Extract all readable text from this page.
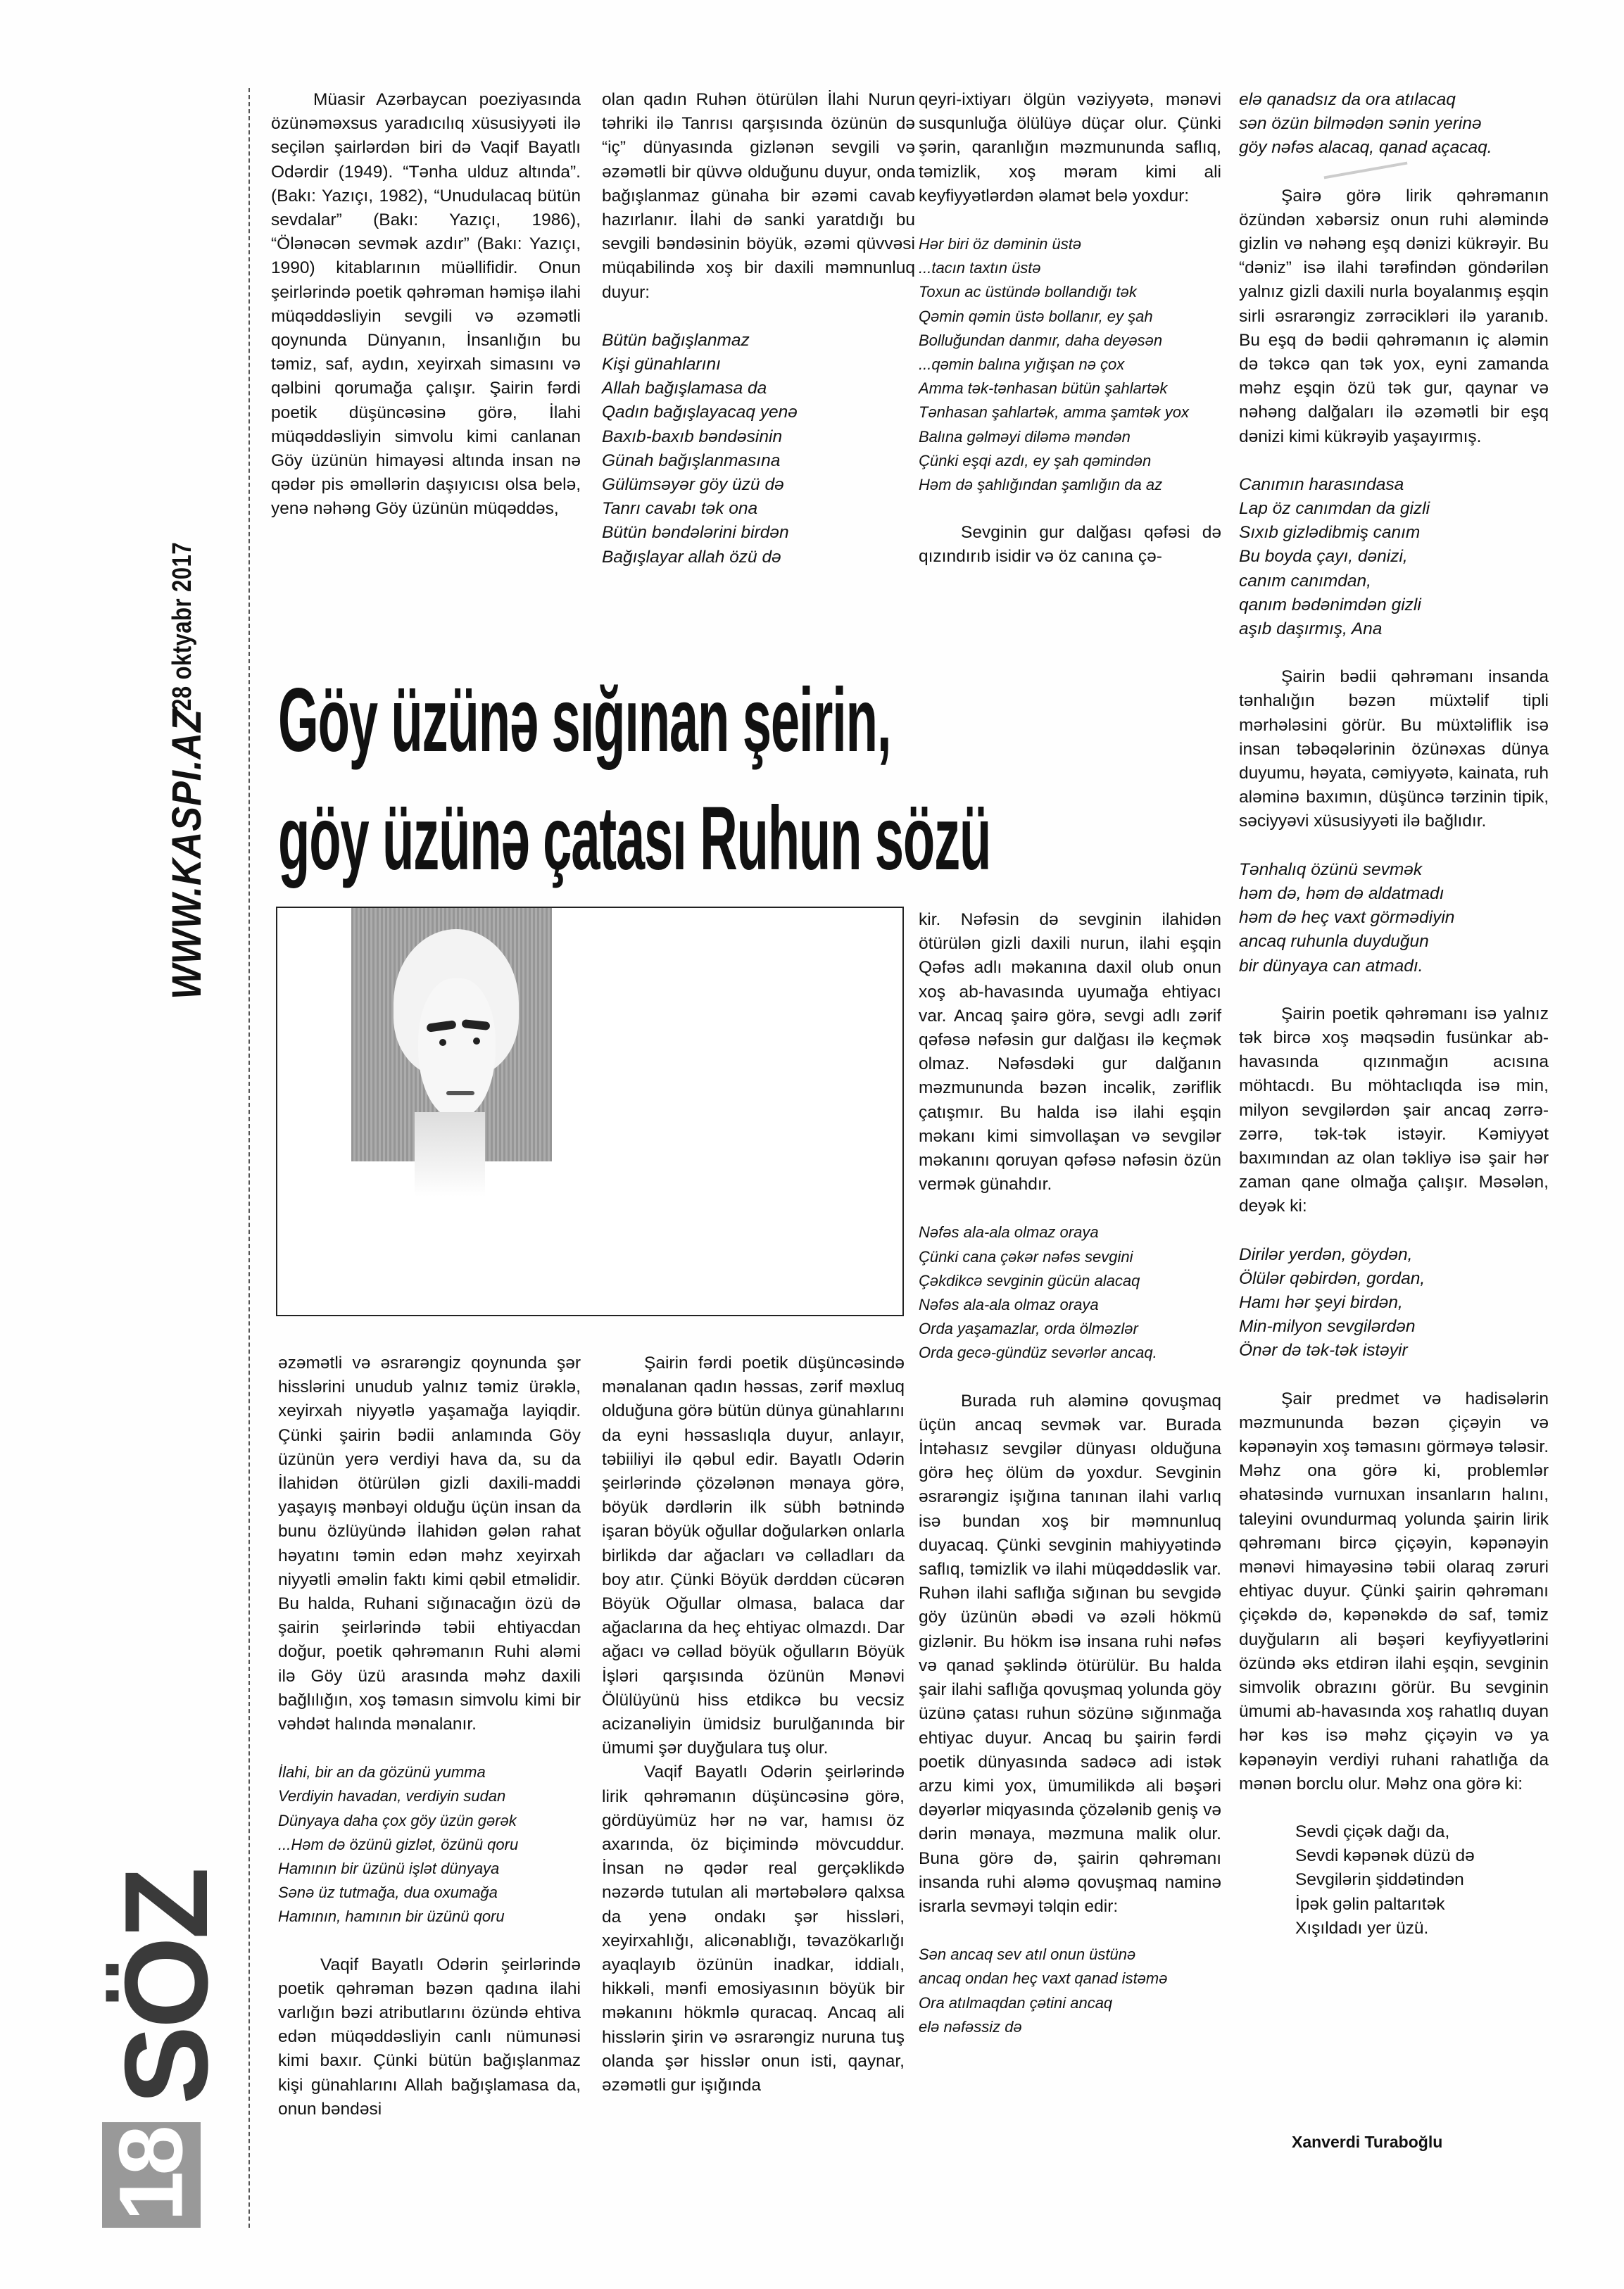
28 oktyabr 2017
WWW.KASPI.AZ
SÖZ
18

Müasir Azərbaycan poeziyasında özünəməxsus yaradıcılıq xüsusiyyəti ilə seçilən şairlərdən biri də Vaqif Bayatlı Odərdir (1949). “Tənha ulduz altında”. (Bakı: Yazıçı, 1982), “Unudulacaq bütün sevdalar” (Bakı: Yazıçı, 1986), “Ölənəcən sevmək azdır” (Bakı: Yazıçı, 1990) kitablarının müəllifidir. Onun şeirlərində poetik qəhrəman həmişə ilahi müqəddəsliyin sevgili və əzəmətli qoynunda Dünyanın, İnsanlığın bu təmiz, saf, aydın, xeyirxah simasını və qəlbini qorumağa çalışır. Şairin fərdi poetik düşüncəsinə görə, İlahi müqəddəsliyin simvolu kimi canlanan Göy üzünün himayəsi altında insan nə qədər pis əməllərin daşıyıcısı olsa belə, yenə nəhəng Göy üzünün müqəddəs,

olan qadın Ruhən ötürülən İlahi Nurun təhriki ilə Tanrısı qarşısında özünün də “iç” dünyasında gizlənən sevgili və əzəmətli bir qüvvə olduğunu duyur, onda bağışlanmaz günaha bir əzəmi cavab hazırlanır. İlahi də sanki yaratdığı bu sevgili bəndəsinin böyük, əzəmi qüvvəsi müqabilində xoş bir daxili məmnunluq duyur:

Bütün bağışlanmaz
Kişi günahlarını
Allah bağışlamasa da
Qadın bağışlayacaq yenə
Baxıb-baxıb bəndəsinin
Günah bağışlanmasına
Gülümsəyər göy üzü də
Tanrı cavabı tək ona
Bütün bəndələrini birdən
Bağışlayar allah özü də

qeyri-ixtiyarı ölgün vəziyyətə, mənəvi susqunluğa ölülüyə düçar olur. Çünki şərin, qaranlığın məzmununda saflıq, təmizlik, xoş məram kimi ali keyfiyyətlərdən əlamət belə yoxdur:

Hər biri öz dəminin üstə
...tacın taxtın üstə
Toxun ac üstündə bollandığı tək
Qəmin qəmin üstə bollanır, ey şah
Bolluğundan danmır, daha deyəsən
...qəmin balına yığışan nə çox
Amma tək-tənhasan bütün şahlartək
Tənhasan şahlartək, amma şamtək yox
Balına gəlməyi diləmə məndən
Çünki eşqi azdı, ey şah qəmindən
Həm də şahlığından şamlığın da az

Sevginin gur dalğası qəfəsi də qızındırıb isidir və öz canına çə-

elə qanadsız da ora atılacaq
sən özün bilmədən sənin yerinə
göy nəfəs alacaq, qanad açacaq.

Şairə görə lirik qəhrəmanın özündən xəbərsiz onun ruhi aləmində gizlin və nəhəng eşq dənizi kükrəyir. Bu “dəniz” isə ilahi tərəfindən göndərilən yalnız gizli daxili nurla boyalanmış eşqin sirli əsrarəngiz zərrəcikləri ilə yaranıb. Bu eşq də bədii qəhrəmanın iç aləmin də təkcə qan tək yox, eyni zamanda məhz eşqin özü tək gur, qaynar və nəhəng dalğaları ilə əzəmətli bir eşq dənizi kimi kükrəyib yaşayırmış.

Canımın harasındasa
Lap öz canımdan da gizli
Sıxıb gizlədibmiş canım
Bu boyda çayı, dənizi,
canım canımdan,
qanım bədənimdən gizli
aşıb daşırmış, Ana

Şairin bədii qəhrəmanı insanda tənhalığın bəzən müxtəlif tipli mərhələsini görür. Bu müxtəliflik isə insan təbəqələrinin özünəxas dünya duyumu, həyata, cəmiyyətə, kainata, ruh aləminə baxımın, düşüncə tərzinin tipik, səciyyəvi xüsusiyyəti ilə bağlıdır.

Tənhalıq özünü sevmək
həm də, həm də aldatmadı
həm də heç vaxt görmədiyin
ancaq ruhunla duyduğun
bir dünyaya can atmadı.

Şairin poetik qəhrəmanı isə yalnız tək bircə xoş məqsədin fusünkar ab-havasında qızınmağın acısına möhtacdı. Bu möhtaclıqda isə min, milyon sevgilərdən şair ancaq zərrə-zərrə, tək-tək istəyir. Kəmiyyət baxımından az olan təkliyə isə şair hər zaman qane olmağa çalışır. Məsələn, deyək ki:

Dirilər yerdən, göydən,
Ölülər qəbirdən, gordan,
Hamı hər şeyi birdən,
Min-milyon sevgilərdən
Önər də tək-tək istəyir

Şair predmet və hadisələrin məzmununda bəzən çiçəyin və kəpənəyin xoş təmasını görməyə tələsir. Məhz ona görə ki, problemlər əhatəsində vurnuxan insanların halını, taleyini ovundurmaq yolunda şairin lirik qəhrəmanı bircə çiçəyin, kəpənəyin mənəvi himayəsinə təbii olaraq zəruri ehtiyac duyur. Çünki şairin qəhrəmanı çiçəkdə də, kəpənəkdə də saf, təmiz duyğuların ali bəşəri keyfiyyətlərini özündə əks etdirən ilahi eşqin, sevginin simvolik obrazını görür. Bu sevginin ümumi ab-havasında xoş rahatlıq duyan hər kəs isə məhz çiçəyin və ya kəpənəyin verdiyi ruhani rahatlığa da mənən borclu olur. Məhz ona görə ki:

Sevdi çiçək dağı da,
Sevdi kəpənək düzü də
Sevgilərin şiddətindən
İpək gəlin paltarıtək
Xışıldadı yer üzü.
Göy üzünə sığınan şeirin,
göy üzünə çatası Ruhun sözü

kir. Nəfəsin də sevginin ilahidən ötürülən gizli daxili nurun, ilahi eşqin Qəfəs adlı məkanına daxil olub onun xoş ab-havasında uyumağa ehtiyacı var. Ancaq şairə görə, sevgi adlı zərif qəfəsə nəfəsin gur dalğası ilə keçmək olmaz. Nəfəsdəki gur dalğanın məzmununda bəzən incəlik, zəriflik çatışmır. Bu halda isə ilahi eşqin məkanı kimi simvollaşan və sevgilər məkanını qoruyan qəfəsə nəfəsin özün vermək günahdır.

Nəfəs ala-ala olmaz oraya
Çünki cana çəkər nəfəs sevgini
Çəkdikcə sevginin gücün alacaq
Nəfəs ala-ala olmaz oraya
Orda yaşamazlar, orda ölməzlər
Orda gecə-gündüz sevərlər ancaq.

Burada ruh aləminə qovuşmaq üçün ancaq sevmək var. Burada İntəhasız sevgilər dünyası olduğuna görə heç ölüm də yoxdur. Sevginin əsrarəngiz işığına tanınan ilahi varlıq isə bundan xoş bir məmnunluq duyacaq. Çünki sevginin mahiyyətində saflıq, təmizlik və ilahi müqəddəslik var. Ruhən ilahi saflığa sığınan bu sevgidə göy üzünün əbədi və əzəli hökmü gizlənir. Bu hökm isə insana ruhi nəfəs və qanad şəklində ötürülür. Bu halda şair ilahi saflığa qovuşmaq yolunda göy üzünə çatası ruhun sözünə sığınmağa ehtiyac duyur. Ancaq bu şairin fərdi poetik dünyasında sadəcə adi istək arzu kimi yox, ümumilikdə ali bəşəri dəyərlər miqyasında çözələnib geniş və dərin mənaya, məzmuna malik olur. Buna görə də, şairin qəhrəmanı insanda ruhi aləmə qovuşmaq naminə israrla sevməyi təlqin edir:

Sən ancaq sev atıl onun üstünə
ancaq ondan heç vaxt qanad istəmə
Ora atılmaqdan çətini ancaq
elə nəfəssiz də

əzəmətli və əsrarəngiz qoynunda şər hisslərini unudub yalnız təmiz ürəklə, xeyirxah niyyətlə yaşamağa layiqdir. Çünki şairin bədii anlamında Göy üzünün yerə verdiyi hava da, su da İlahidən ötürülən gizli daxili-maddi yaşayış mənbəyi olduğu üçün insan da bunu özlüyündə İlahidən gələn rahat həyatını təmin edən məhz xeyirxah niyyətli əməlin faktı kimi qəbil etməlidir. Bu halda, Ruhani sığınacağın özü də şairin şeirlərində təbii ehtiyacdan doğur, poetik qəhrəmanın Ruhi aləmi ilə Göy üzü arasında məhz daxili bağlılığın, xoş təmasın simvolu kimi bir vəhdət halında mənalanır.

İlahi, bir an da gözünü yumma
Verdiyin havadan, verdiyin sudan
Dünyaya daha çox göy üzün gərək
...Həm də özünü gizlət, özünü qoru
Hamının bir üzünü işlət dünyaya
Sənə üz tutmağa, dua oxumağa
Hamının, hamının bir üzünü qoru

Vaqif Bayatlı Odərin şeirlərində poetik qəhrəman bəzən qadına ilahi varlığın bəzi atributlarını özündə ehtiva edən müqəddəsliyin canlı nümunəsi kimi baxır. Çünki bütün bağışlanmaz kişi günahlarını Allah bağışlamasa da, onun bəndəsi

Şairin fərdi poetik düşüncəsində mənalanan qadın həssas, zərif məxluq olduğuna görə bütün dünya günahlarını da eyni həssaslıqla duyur, anlayır, təbiiliyi ilə qəbul edir. Bayatlı Odərin şeirlərində çözələnən mənaya görə, böyük dərdlərin ilk sübh bətnində işaran böyük oğullar doğularkən onlarla birlikdə dar ağacları və cəlladları da boy atır. Çünki Böyük dərddən cücərən Böyük Oğullar olmasa, balaca dar ağaclarına da heç ehtiyac olmazdı. Dar ağacı və cəllad böyük oğulların Böyük İşləri qarşısında özünün Mənəvi Ölülüyünü hiss etdikcə bu vecsiz acizanəliyin ümidsiz burulğanında bir ümumi şər duyğulara tuş olur.

Vaqif Bayatlı Odərin şeirlərində lirik qəhrəmanın düşüncəsinə görə, gördüyümüz hər nə var, hamısı öz axarında, öz biçimində mövcuddur. İnsan nə qədər real gerçəklikdə nəzərdə tutulan ali mərtəbələrə qalxsa da yenə ondakı şər hissləri, xeyirxahlığı, alicənablığı, təvazökarlığı ayaqlayıb özünün inadkar, iddialı, hikkəli, mənfi emosiyasının böyük bir məkanını hökmlə quracaq. Ancaq ali hisslərin şirin və əsrarəngiz nuruna tuş olanda şər hisslər onun isti, qaynar, əzəmətli gur işığında

Xanverdi Turaboğlu
